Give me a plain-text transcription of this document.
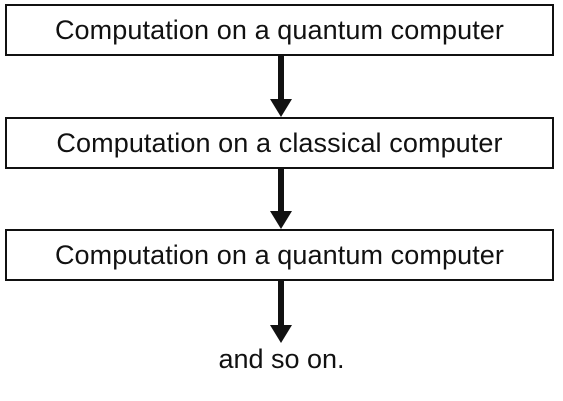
Computation on a quantum computer
Computation on a classical computer
Computation on a quantum computer
and so on.
